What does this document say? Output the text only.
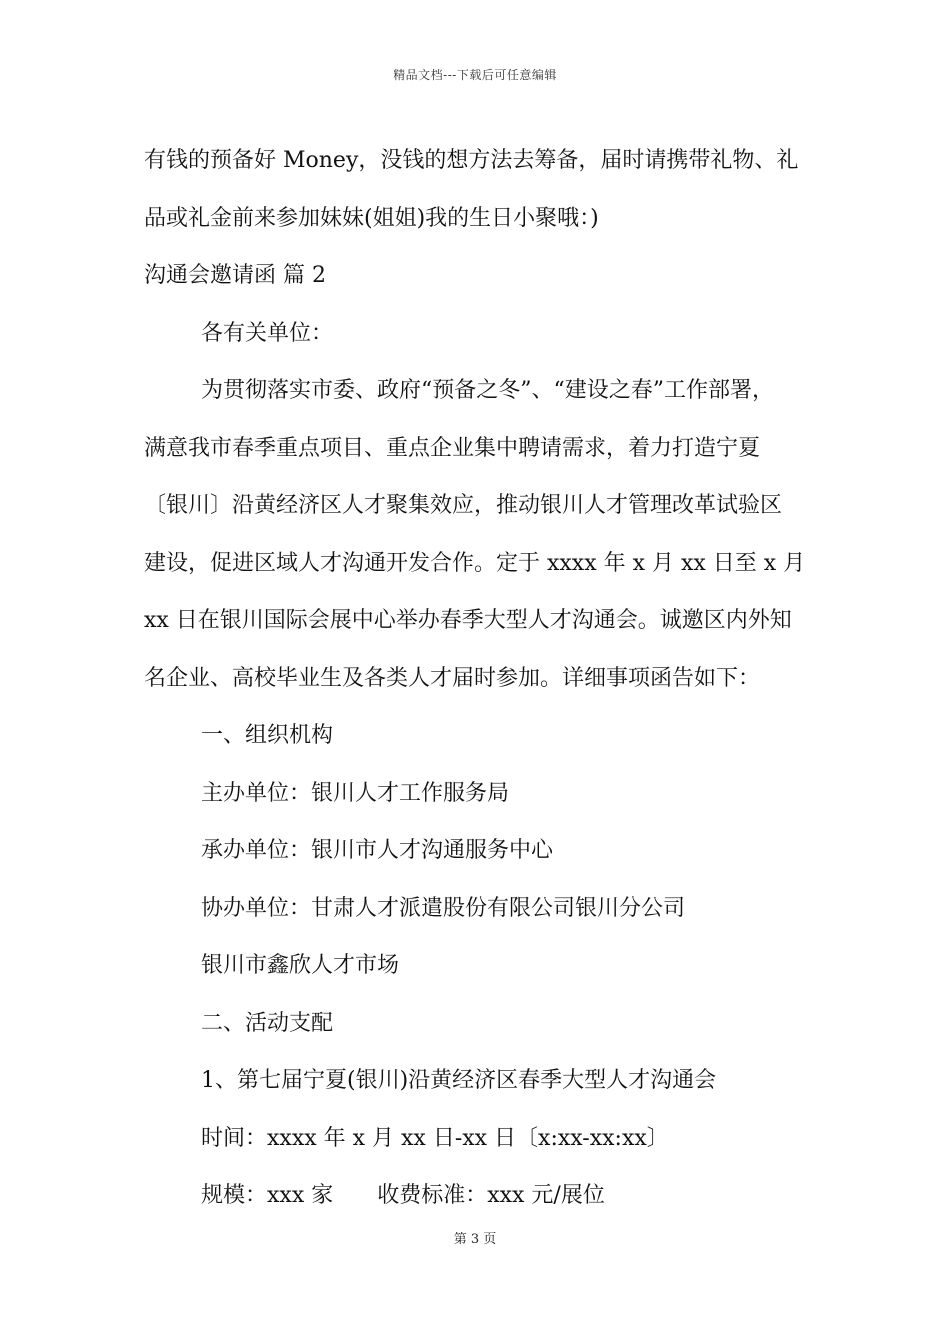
精品文档---下载后可任意编辑
有钱的预备好 Money，没钱的想方法去筹备，届时请携带礼物、礼
品或礼金前来参加妹妹(姐姐)我的生日小聚哦：)
沟通会邀请函 篇 2
各有关单位：
为贯彻落实市委、政府“预备之冬”、“建设之春”工作部署，
满意我市春季重点项目、重点企业集中聘请需求，着力打造宁夏
〔银川〕沿黄经济区人才聚集效应，推动银川人才管理改革试验区
建设，促进区域人才沟通开发合作。定于 xxxx 年 x 月 xx 日至 x 月
xx 日在银川国际会展中心举办春季大型人才沟通会。诚邀区内外知
名企业、高校毕业生及各类人才届时参加。详细事项函告如下：
一、组织机构
主办单位：银川人才工作服务局
承办单位：银川市人才沟通服务中心
协办单位：甘肃人才派遣股份有限公司银川分公司
银川市鑫欣人才市场
二、活动支配
1、第七届宁夏(银川)沿黄经济区春季大型人才沟通会
时间：xxxx 年 x 月 xx 日-xx 日〔x:xx-xx:xx〕
规模：xxx 家 收费标准：xxx 元/展位
第 3 页
